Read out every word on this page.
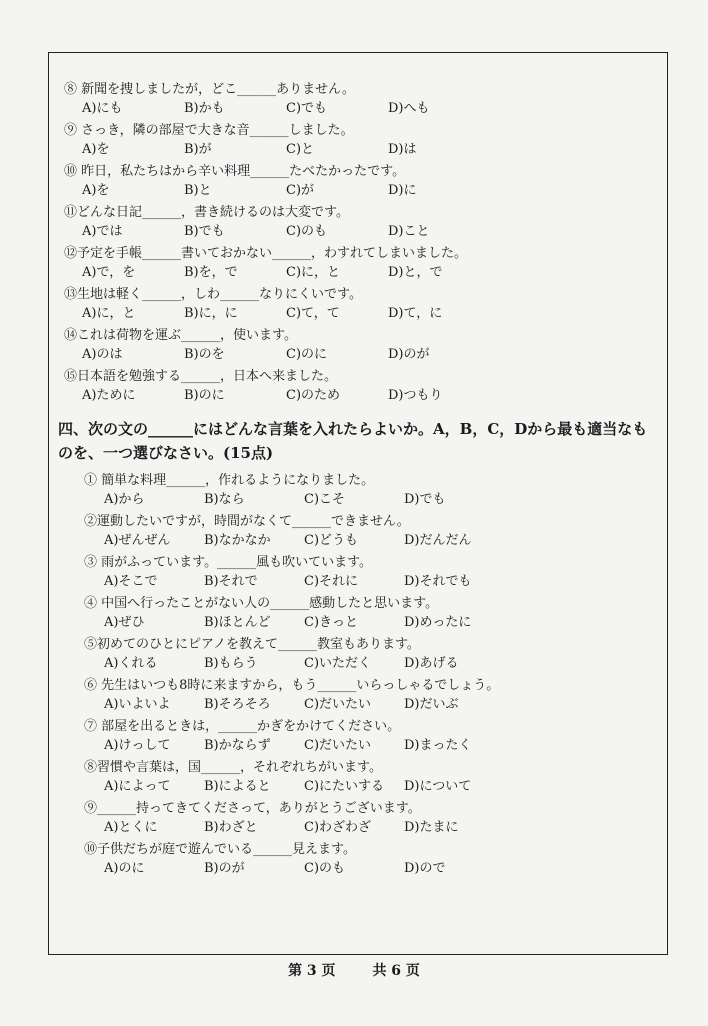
⑧ 新聞を捜しましたが，どこ______ありません。

A)にも	B)かも	C)でも	D)へも

⑨ さっき，隣の部屋で大きな音______しました。

A)を	B)が	C)と	D)は

⑩ 昨日，私たちはから辛い料理______たべたかったです。

A)を	B)と	C)が	D)に

⑪どんな日記______，書き続けるのは大変です。

A)では	B)でも	C)のも	D)こと

⑫予定を手帳______書いておかない______，わすれてしまいました。

A)で，を	B)を，で	C)に，と	D)と，で

⑬生地は軽く______，しわ______なりにくいです。

A)に，と	B)に，に	C)て，て	D)て，に

⑭これは荷物を運ぶ______，使います。

A)のは	B)のを	C)のに	D)のが

⑮日本語を勉強する______，日本へ来ました。

A)ために	B)のに	C)のため	D)つもり
四、次の文の______にはどんな言葉を入れたらよいか。A，B，C，Dから最も適当なものを、一つ選びなさい。(15点)

① 簡単な料理______，作れるようになりました。

A)から	B)なら	C)こそ	D)でも

②運動したいですが，時間がなくて______できません。

A)ぜんぜん	B)なかなか	C)どうも	D)だんだん

③ 雨がふっています。______風も吹いています。

A)そこで	B)それで	C)それに	D)それでも

④ 中国へ行ったことがない人の______感動したと思います。

A)ぜひ	B)ほとんど	C)きっと	D)めったに

⑤初めてのひとにピアノを教えて______教室もあります。

A)くれる	B)もらう	C)いただく	D)あげる

⑥ 先生はいつも8時に来ますから，もう______いらっしゃるでしょう。

A)いよいよ	B)そろそろ	C)だいたい	D)だいぶ

⑦ 部屋を出るときは，______かぎをかけてください。

A)けっして	B)かならず	C)だいたい	D)まったく

⑧習慣や言葉は，国______，それぞれちがいます。

A)によって	B)によると	C)にたいする	D)について

⑨______持ってきてくださって，ありがとうございます。

A)とくに	B)わざと	C)わざわざ	D)たまに

⑩子供だちが庭で遊んでいる______見えます。

A)のに	B)のが	C)のも	D)ので
第 3 页	共 6 页
